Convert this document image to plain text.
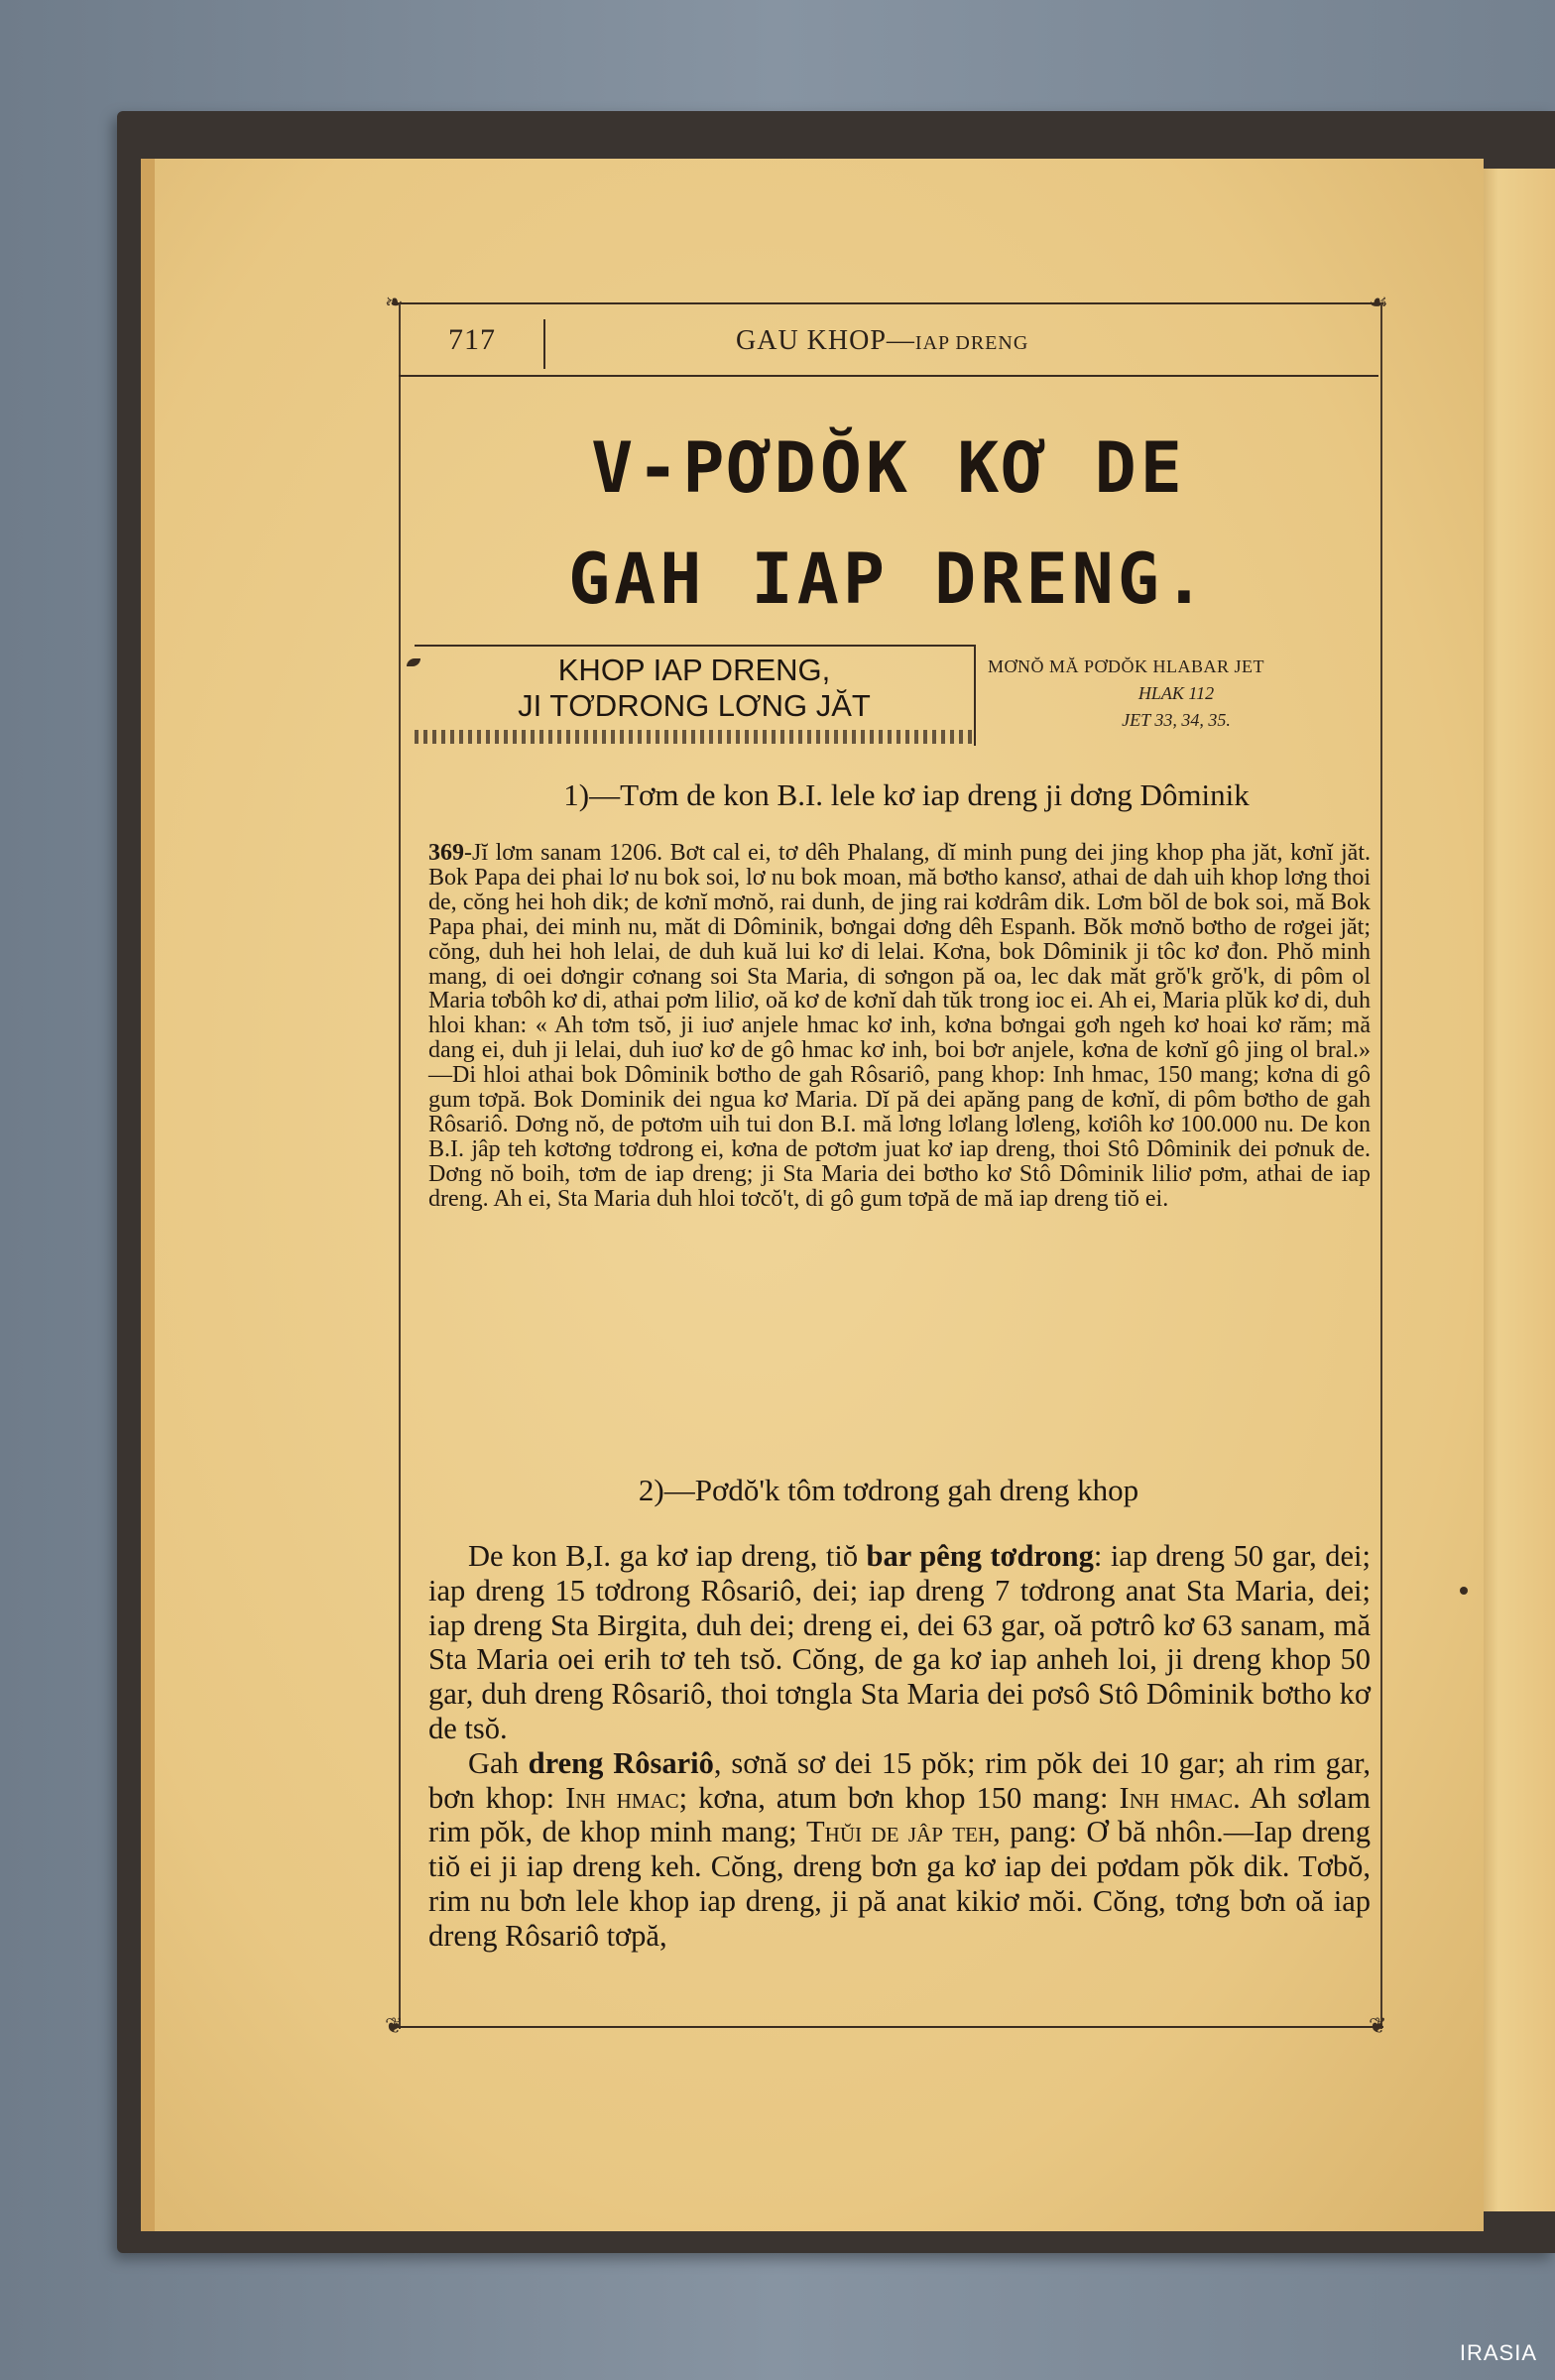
❧	☙
717	GAU KHOP—IAP DRENG
V-PƠDŎK KƠ DE
GAH IAP DRENG.
KHOP IAP DRENG,
JI TƠDRONG LƠNG JĂT
MƠNŎ MĂ PƠDŎK HLABAR JET
HLAK 112
JET 33, 34, 35.
1)—Tơm de kon B.I. lele kơ iap dreng ji dơng Dôminik
369-Jĭ lơm sanam 1206. Bơt cal ei, tơ dêh Phalang, dĭ minh pung dei jing khop pha jăt, kơnĭ jăt. Bok Papa dei phai lơ nu bok soi, lơ nu bok moan, mă bơtho kansơ, athai de dah uih khop lơng thoi de, cŏng hei hoh dik; de kơnĭ mơnŏ, rai dunh, de jing rai kơdrâm dik. Lơm bŏl de bok soi, mă Bok Papa phai, dei minh nu, măt di Dôminik, bơngai dơng dêh Espanh. Bŏk mơnŏ bơtho de rơgei jăt; cŏng, duh hei hoh lelai, de duh kuă lui kơ di lelai. Kơna, bok Dôminik ji tôc kơ đon. Phŏ minh mang, di oei dơngir cơnang soi Sta Maria, di sơngon pă oa, lec dak măt grŏ'k grŏ'k, di pôm ol Maria tơbôh kơ di, athai pơm liliơ, oă kơ de kơnĭ dah tŭk trong ioc ei. Ah ei, Maria plŭk kơ di, duh hloi khan: « Ah tơm tsŏ, ji iuơ anjele hmac kơ inh, kơna bơngai gơh ngeh kơ hoai kơ răm; mă dang ei, duh ji lelai, duh iuơ kơ de gô hmac kơ inh, boi bơr anjele, kơna de kơnĭ gô jing ol bral.» —Di hloi athai bok Dôminik bơtho de gah Rôsariô, pang khop: Inh hmac, 150 mang; kơna di gô gum tơpă. Bok Dominik dei ngua kơ Maria. Dĭ pă dei apăng pang de kơnĭ, di pôm bơtho de gah Rôsariô. Dơng nŏ, de pơtơm uih tui don B.I. mă lơng lơlang lơleng, kơiôh kơ 100.000 nu. De kon B.I. jâp teh kơtơng tơdrong ei, kơna de pơtơm juat kơ iap dreng, thoi Stô Dôminik dei pơnuk de. Dơng nŏ boih, tơm de iap dreng; ji Sta Maria dei bơtho kơ Stô Dôminik liliơ pơm, athai de iap dreng. Ah ei, Sta Maria duh hloi tơcŏ't, di gô gum tơpă de mă iap dreng tiŏ ei.
2)—Pơdŏ'k tôm tơdrong gah dreng khop

De kon B,I. ga kơ iap dreng, tiŏ bar pêng tơdrong: iap dreng 50 gar, dei; iap dreng 15 tơdrong Rôsariô, dei; iap dreng 7 tơdrong anat Sta Maria, dei; iap dreng Sta Birgita, duh dei; dreng ei, dei 63 gar, oă pơtrô kơ 63 sanam, mă Sta Maria oei erih tơ teh tsŏ. Cŏng, de ga kơ iap anheh loi, ji dreng khop 50 gar, duh dreng Rôsariô, thoi tơngla Sta Maria dei pơsô Stô Dôminik bơtho kơ de tsŏ.

Gah dreng Rôsariô, sơnă sơ dei 15 pŏk; rim pŏk dei 10 gar; ah rim gar, bơn khop: Inh hmac; kơna, atum bơn khop 150 mang: Inh hmac. Ah sơlam rim pŏk, de khop minh mang; Thŭi de jâp teh, pang: Ơ bă nhôn.—Iap dreng tiŏ ei ji iap dreng keh. Cŏng, dreng bơn ga kơ iap dei pơdam pŏk dik. Tơbŏ, rim nu bơn lele khop iap dreng, ji pă anat kikiơ mŏi. Cŏng, tơng bơn oă iap dreng Rôsariô tơpă,

❦	❦
IRASIA
